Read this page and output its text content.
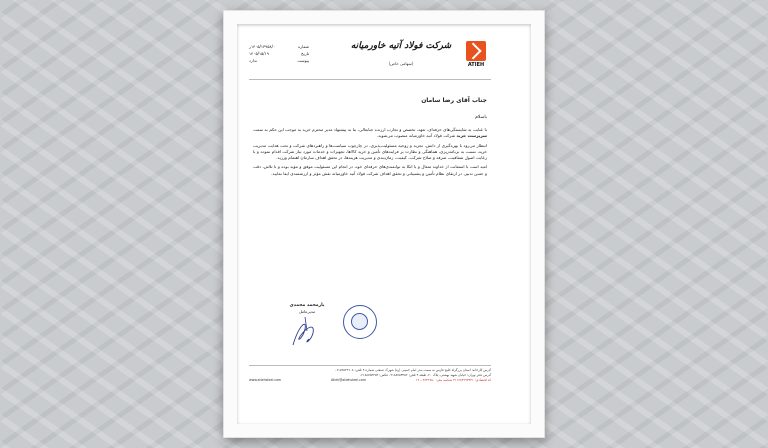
ATIEH
شرکت فولاد آتیه خاورمیانه
(سهامی خاص)
شماره
۱۴۰۵/۱۳۹۵۸/۰ر
تاریخ
۱۴۰۵/۱۵/۱۹
پیوست
ندارد
جناب آقای رضا سامان
با‌سلام

با عنایت به شایستگی‌های حرفه‌ای، تعهد، تخصص و تجارب ارزنده جنابعالی، بنا به پیشنهاد مدیر محترم خرید به موجب این حکم به سمت سرپرست خرید شرکت فولاد آتیه خاورمیانه منصوب می‌شوید.

انتظار می‌رود با بهره‌گیری از دانش، تجربه و روحیه مسئولیت‌پذیری، در چارچوب سیاست‌ها و راهبردهای شرکت و تحت هدایت مدیریت خرید، نسبت به برنامه‌ریزی، هماهنگی و نظارت بر فرایندهای تأمین و خرید کالاها، تجهیزات و خدمات مورد نیاز شرکت اقدام نموده و با رعایت اصول شفافیت، صرفه و صلاح شرکت، کیفیت، زمان‌بندی و مدیریت هزینه‌ها، در تحقق اهداف سازمان اهتمام ورزید.

امید است با استعانت از خداوند متعال و با اتکا به توانمندی‌های حرفه‌ای خود، در انجام این مسئولیت موفق و مؤید بوده و با تلاش، دقت و حسن تدبیر، در ارتقای نظام تأمین و پشتیبانی و تحقق اهداف شرکت فولاد آتیه خاورمیانه نقش مؤثر و ارزشمندی ایفا نمایید.

یارمحمد محمدی
مدیرعامل
آدرس کارخانه: استان بزرگراه خلیج فارس به سمت بندر امام خمینی (ره) شهرک صنعتی شماره ۴ تلفن: ۰۶۱۵۲۵۴۳۱۰۸
آدرس دفتر تهران: خیابان شهید بهشتی، پلاک ۲۰، طبقه ۴ تلفن: ۰۲۱۸۸۷۵۳۴۵۲ فکس: ۰۲۱۸۸۷۵۳۴۵۳
کد اقتصادی: ۴۱۱۶۸۴۹۹۳۴۴۱ شناسه ملی: ۱۴۰۰۳۶۳۲۶۵۰
Atieh@atiehsteel.com
www.atiehsteel.com
